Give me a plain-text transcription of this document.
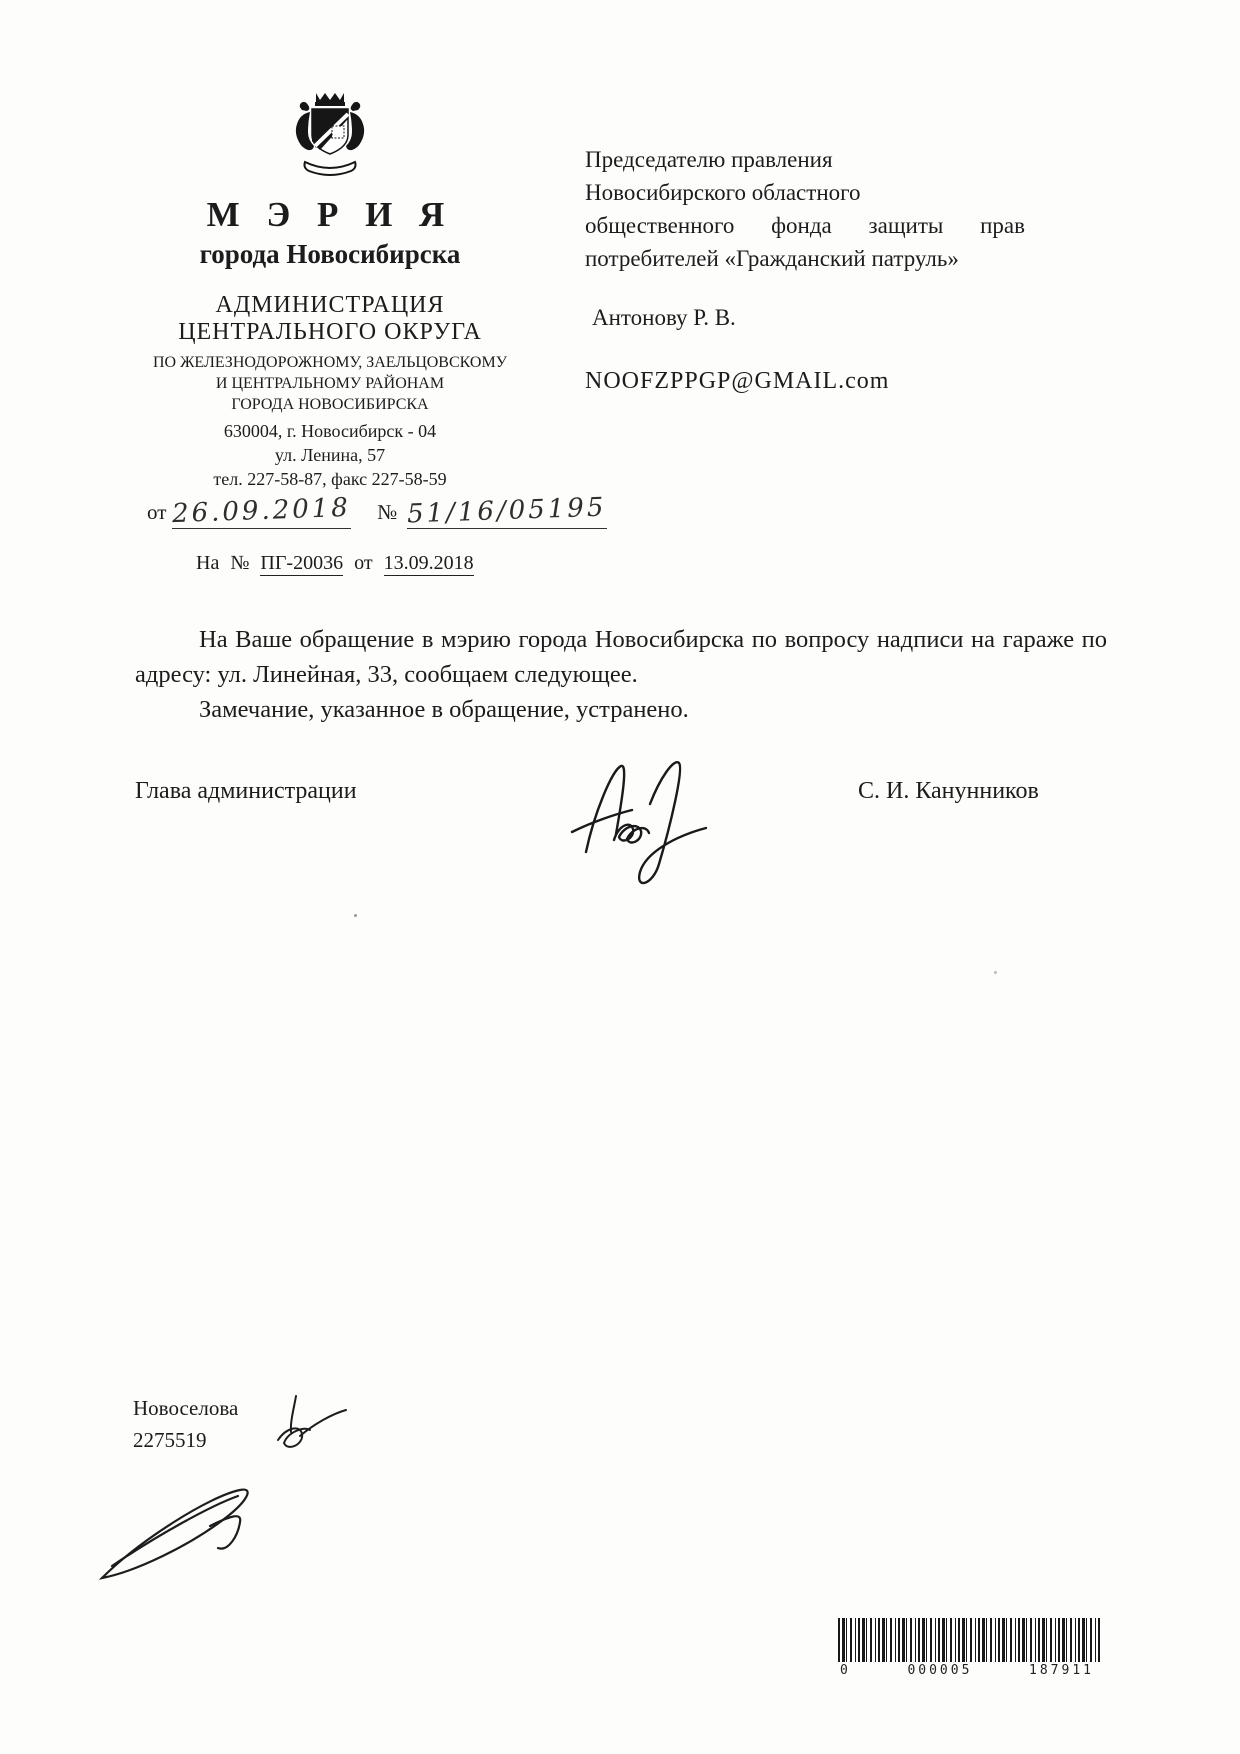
М Э Р И Я
города Новосибирска
АДМИНИСТРАЦИЯ
ЦЕНТРАЛЬНОГО ОКРУГА
ПО ЖЕЛЕЗНОДОРОЖНОМУ, ЗАЕЛЬЦОВСКОМУ
И ЦЕНТРАЛЬНОМУ РАЙОНАМ
ГОРОДА НОВОСИБИРСКА
630004, г. Новосибирск - 04
ул. Ленина, 57
тел. 227-58-87, факс 227-58-59
Председателю правления
Новосибирского областного
общественного фонда защиты прав
потребителей «Гражданский патруль»
Антонову Р. В.
NOOFZPPGP@GMAIL.com
от 26.09.2018 № 51/16/05195
На № ПГ-20036 от 13.09.2018

На Ваше обращение в мэрию города Новосибирска по вопросу надписи на гараже по адресу: ул. Линейная, 33, сообщаем следующее.

Замечание, указанное в обращение, устранено.

Глава администрации	С. И. Канунников
Новоселова
2275519
0	000005	187911
